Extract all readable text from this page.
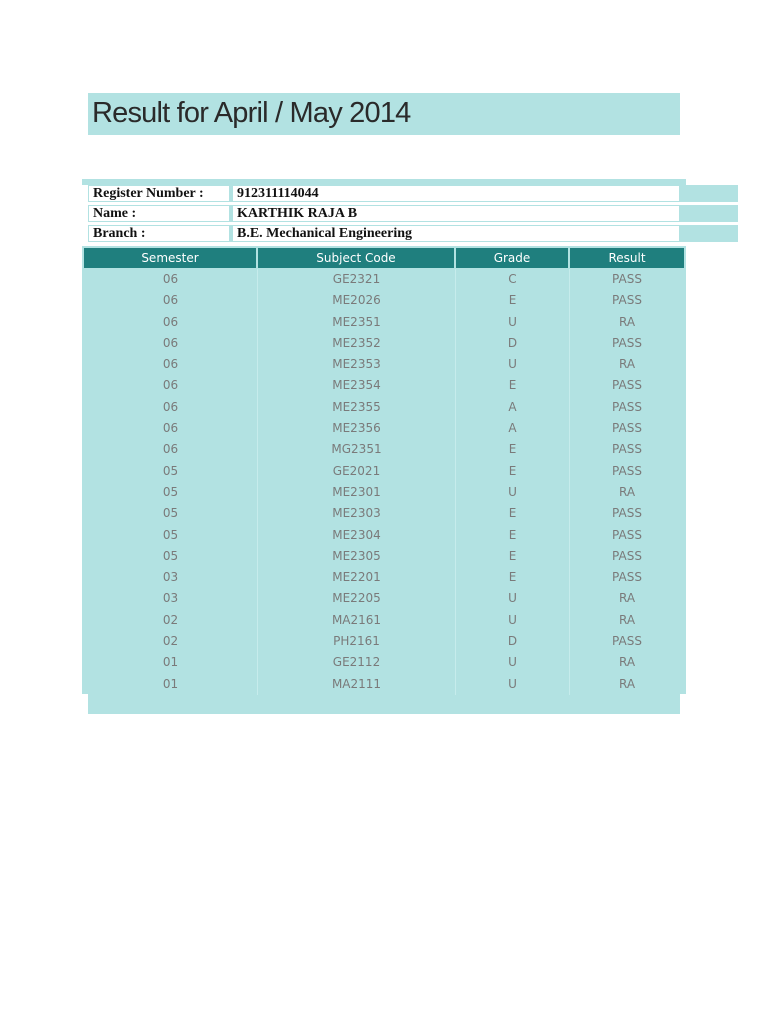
Result for April / May 2014
Register Number : 912311114044
Name :	KARTHIK RAJA B
Branch :	B.E. Mechanical Engineering
Semester	Subject Code	Grade	Result
06	GE2321	C	PASS
06	ME2026	E	PASS
06	ME2351	U	RA
06	ME2352	D	PASS
06	ME2353	U	RA
06	ME2354	E	PASS
06	ME2355	A	PASS
06	ME2356	A	PASS
06	MG2351	E	PASS
05	GE2021	E	PASS
05	ME2301	U	RA
05	ME2303	E	PASS
05	ME2304	E	PASS
05	ME2305	E	PASS
03	ME2201	E	PASS
03	ME2205	U	RA
02	MA2161	U	RA
02	PH2161	D	PASS
01	GE2112	U	RA
01	MA2111	U	RA
